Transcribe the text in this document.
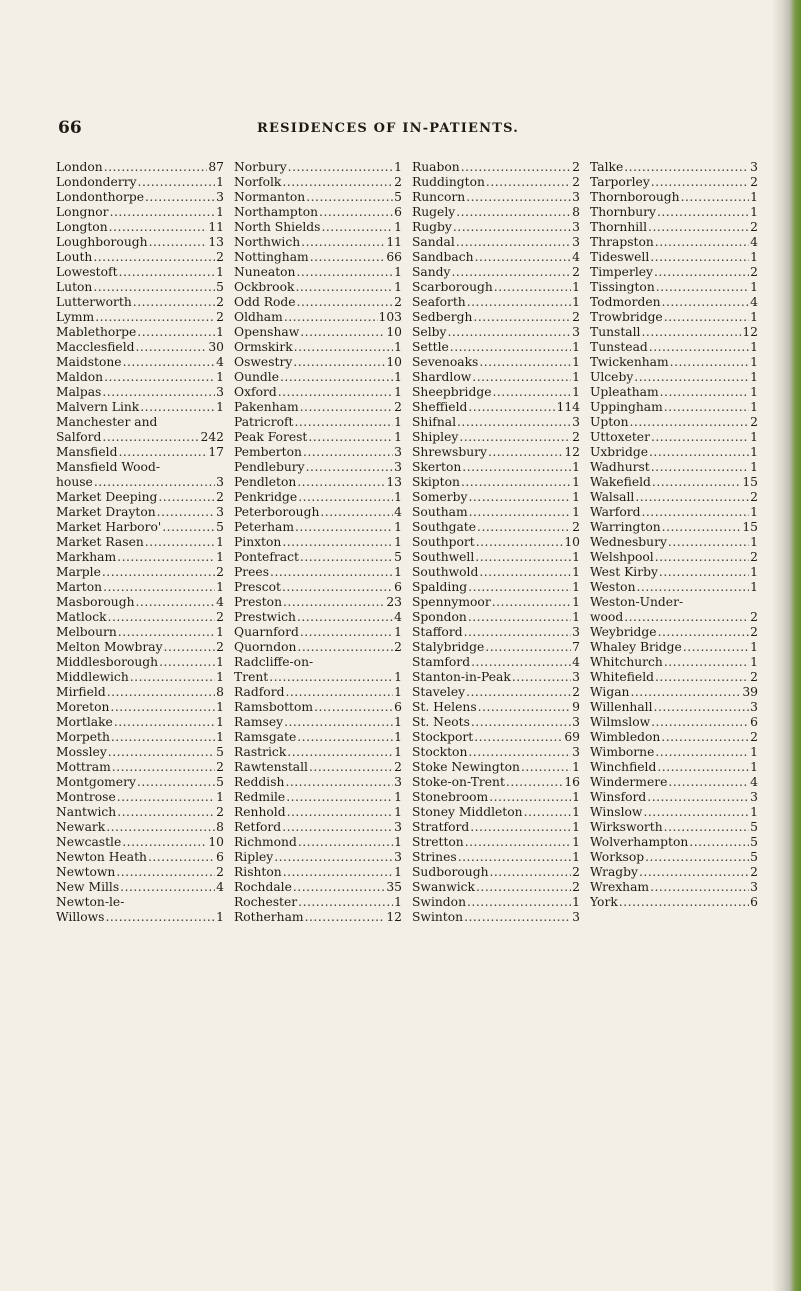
66	RESIDENCES OF IN-PATIENTS.
London .....	87
Londonderry .....	1
Londonthorpe .....	3
Longnor .....	1
Longton .....	11
Loughborough .....	13
Louth .....	2
Lowestoft .....	1
Luton .....	5
Lutterworth .....	2
Lymm .....	2
Mablethorpe .....	1
Macclesfield .....	30
Maidstone .....	4
Maldon .....	1
Malpas .....	3
Malvern Link .....	1
Manchester and
Salford .....	242
Mansfield .....	17
Mansfield Wood-
house .....	3
Market Deeping .....	2
Market Drayton .....	3
Market Harboro' .....	5
Market Rasen .....	1
Markham .....	1
Marple .....	2
Marton .....	1
Masborough .....	4
Matlock .....	2
Melbourn .....	1
Melton Mowbray .....	2
Middlesborough .....	1
Middlewich .....	1
Mirfield .....	8
Moreton .....	1
Mortlake .....	1
Morpeth .....	1
Mossley .....	5
Mottram .....	2
Montgomery .....	5
Montrose .....	1
Nantwich .....	2
Newark .....	8
Newcastle .....	10
Newton Heath .....	6
Newtown .....	2
New Mills .....	4
Newton-le-
Willows .....	1
Norbury .....	1
Norfolk .....	2
Normanton .....	5
Northampton .....	6
North Shields .....	1
Northwich .....	11
Nottingham .....	66
Nuneaton .....	1
Ockbrook .....	1
Odd Rode .....	2
Oldham .....	103
Openshaw .....	10
Ormskirk .....	1
Oswestry .....	10
Oundle .....	1
Oxford .....	1
Pakenham .....	2
Patricroft .....	1
Peak Forest .....	1
Pemberton .....	3
Pendlebury .....	3
Pendleton .....	13
Penkridge .....	1
Peterborough .....	4
Peterham .....	1
Pinxton .....	1
Pontefract .....	5
Prees .....	1
Prescot .....	6
Preston .....	23
Prestwich .....	4
Quarnford .....	1
Quorndon .....	2
Radcliffe-on-
Trent .....	1
Radford .....	1
Ramsbottom .....	6
Ramsey .....	1
Ramsgate .....	1
Rastrick .....	1
Rawtenstall .....	2
Reddish .....	3
Redmile .....	1
Renhold .....	1
Retford .....	3
Richmond .....	1
Ripley .....	3
Rishton .....	1
Rochdale .....	35
Rochester .....	1
Rotherham .....	12
Ruabon .....	2
Ruddington .....	2
Runcorn .....	3
Rugely .....	8
Rugby .....	3
Sandal .....	3
Sandbach .....	4
Sandy .....	2
Scarborough .....	1
Seaforth .....	1
Sedbergh .....	2
Selby .....	3
Settle .....	1
Sevenoaks .....	1
Shardlow .....	1
Sheepbridge .....	1
Sheffield .....	114
Shifnal .....	3
Shipley .....	2
Shrewsbury .....	12
Skerton .....	1
Skipton .....	1
Somerby .....	1
Southam .....	1
Southgate .....	2
Southport .....	10
Southwell .....	1
Southwold .....	1
Spalding .....	1
Spennymoor .....	1
Spondon .....	1
Stafford .....	3
Stalybridge .....	7
Stamford .....	4
Stanton-in-Peak .....	3
Staveley .....	2
St. Helens .....	9
St. Neots .....	3
Stockport .....	69
Stockton .....	3
Stoke Newington .....	1
Stoke-on-Trent .....	16
Stonebroom .....	1
Stoney Middleton .....	1
Stratford .....	1
Stretton .....	1
Strines .....	1
Sudborough .....	2
Swanwick .....	2
Swindon .....	1
Swinton .....	3
Talke .....	3
Tarporley .....	2
Thornborough .....	1
Thornbury .....	1
Thornhill .....	2
Thrapston .....	4
Tideswell .....	1
Timperley .....	2
Tissington .....	1
Todmorden .....	4
Trowbridge .....	1
Tunstall .....	12
Tunstead .....	1
Twickenham .....	1
Ulceby .....	1
Upleatham .....	1
Uppingham .....	1
Upton .....	2
Uttoxeter .....	1
Uxbridge .....	1
Wadhurst .....	1
Wakefield .....	15
Walsall .....	2
Warford .....	1
Warrington .....	15
Wednesbury .....	1
Welshpool .....	2
West Kirby .....	1
Weston .....	1
Weston-Under-
wood .....	2
Weybridge .....	2
Whaley Bridge .....	1
Whitchurch .....	1
Whitefield .....	2
Wigan .....	39
Willenhall .....	3
Wilmslow .....	6
Wimbledon .....	2
Wimborne .....	1
Winchfield .....	1
Windermere .....	4
Winsford .....	3
Winslow .....	1
Wirksworth .....	5
Wolverhampton .....	5
Worksop .....	5
Wragby .....	2
Wrexham .....	3
York .....	6
